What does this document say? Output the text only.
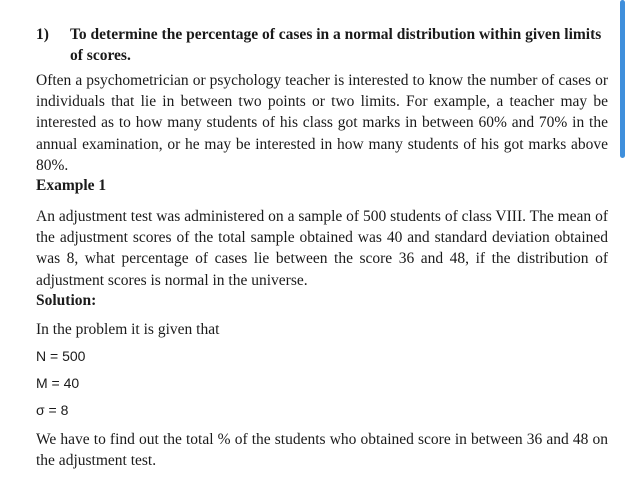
1) To determine the percentage of cases in a normal distribution within given limits of scores.
Often a psychometrician or psychology teacher is interested to know the number of cases or individuals that lie in between two points or two limits. For example, a teacher may be interested as to how many students of his class got marks in between 60% and 70% in the annual examination, or he may be interested in how many students of his got marks above 80%.
Example 1
An adjustment test was administered on a sample of 500 students of class VIII. The mean of the adjustment scores of the total sample obtained was 40 and standard deviation obtained was 8, what percentage of cases lie between the score 36 and 48, if the distribution of adjustment scores is normal in the universe.
Solution:
In the problem it is given that
N = 500
M = 40
σ = 8
We have to find out the total % of the students who obtained score in between 36 and 48 on the adjustment test.
